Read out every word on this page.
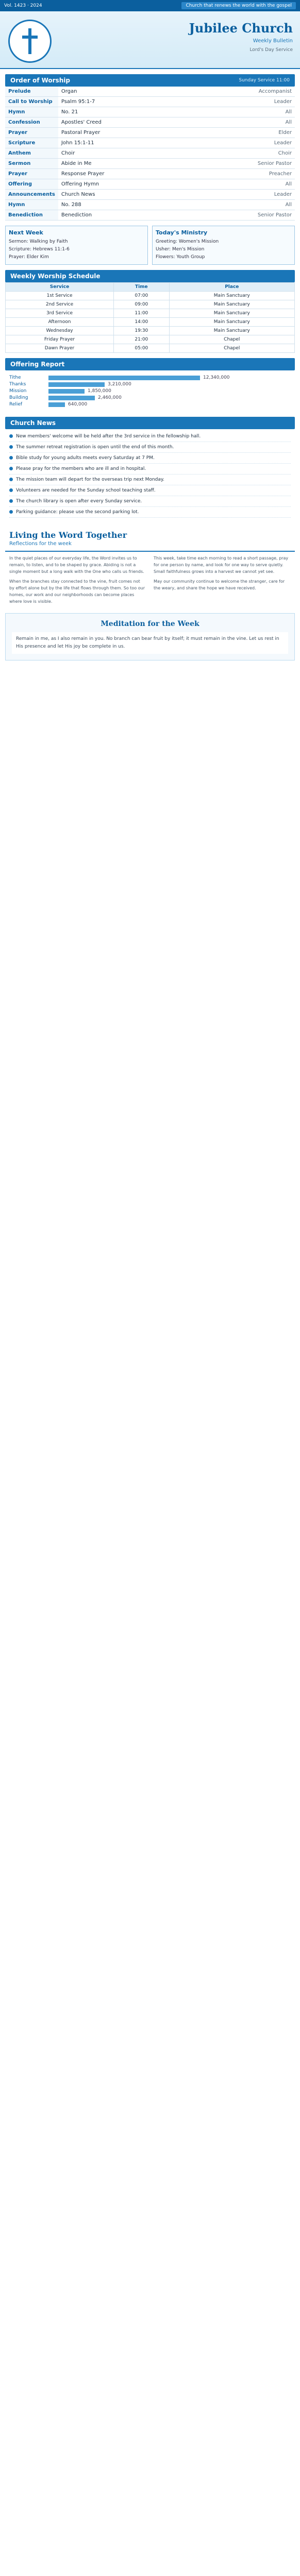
Vol. 1423 · 2024	Church that renews the world with the gospel
Jubilee Church
Weekly Bulletin
Lord's Day Service
Order of Worship	Sunday Service 11:00
Prelude	Organ	Accompanist
Call to Worship	Psalm 95:1-7	Leader
Hymn	No. 21	All
Confession	Apostles' Creed	All
Prayer	Pastoral Prayer	Elder
Scripture	John 15:1-11	Leader
Anthem	Choir	Choir
Sermon	Abide in Me	Senior Pastor
Prayer	Response Prayer	Preacher
Offering	Offering Hymn	All
Announcements	Church News	Leader
Hymn	No. 288	All
Benediction	Benediction	Senior Pastor
Next Week
Sermon: Walking by Faith
Scripture: Hebrews 11:1-6
Prayer: Elder Kim
Today's Ministry
Greeting: Women's Mission
Usher: Men's Mission
Flowers: Youth Group
Weekly Worship Schedule
Service	Time	Place
1st Service	07:00	Main Sanctuary
2nd Service	09:00	Main Sanctuary
3rd Service	11:00	Main Sanctuary
Afternoon	14:00	Main Sanctuary
Wednesday	19:30	Main Sanctuary
Friday Prayer	21:00	Chapel
Dawn Prayer	05:00	Chapel
Offering Report
Tithe	12,340,000
Thanks	3,210,000
Mission	1,850,000
Building	2,460,000
Relief	640,000
Church News
New members' welcome will be held after the 3rd service in the fellowship hall.
The summer retreat registration is open until the end of this month.
Bible study for young adults meets every Saturday at 7 PM.
Please pray for the members who are ill and in hospital.
The mission team will depart for the overseas trip next Monday.
Volunteers are needed for the Sunday school teaching staff.
The church library is open after every Sunday service.
Parking guidance: please use the second parking lot.
Living the Word Together
Reflections for the week

In the quiet places of our everyday life, the Word invites us to remain, to listen, and to be shaped by grace. Abiding is not a single moment but a long walk with the One who calls us friends.

When the branches stay connected to the vine, fruit comes not by effort alone but by the life that flows through them. So too our homes, our work and our neighborhoods can become places where love is visible.

This week, take time each morning to read a short passage, pray for one person by name, and look for one way to serve quietly. Small faithfulness grows into a harvest we cannot yet see.

May our community continue to welcome the stranger, care for the weary, and share the hope we have received.

Meditation for the Week
Remain in me, as I also remain in you. No branch can bear fruit by itself; it must remain in the vine. Let us rest in His presence and let His joy be complete in us.
